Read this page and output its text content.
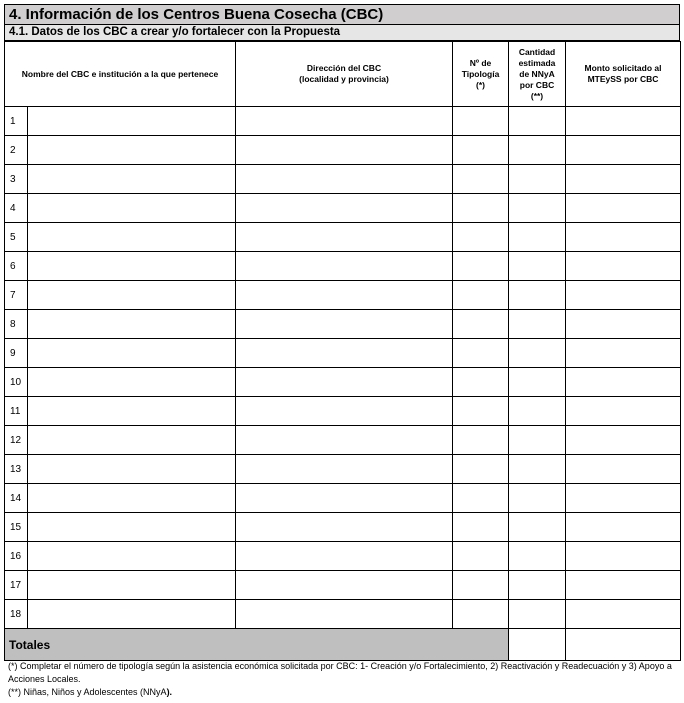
4. Información de los Centros Buena Cosecha (CBC)
4.1. Datos de los CBC a crear y/o fortalecer con la Propuesta
Nombre del CBC e institución a la que pertenece		Dirección del CBC
(localidad y provincia)	Nº de
Tipología
(*)	Cantidad
estimada
de NNyA
por CBC
(**)	Monto solicitado al
MTEySS por CBC
1					
2					
3					
4					
5					
6					
7					
8					
9					
10					
11					
12					
13					
14					
15					
16					
17					
18					
Totales					
(*) Completar el número de tipología según la asistencia económica solicitada por CBC: 1- Creación y/o Fortalecimiento, 2) Reactivación y Readecuación y 3) Apoyo a Acciones Locales.
(**) Niñas, Niños y Adolescentes (NNyA).
